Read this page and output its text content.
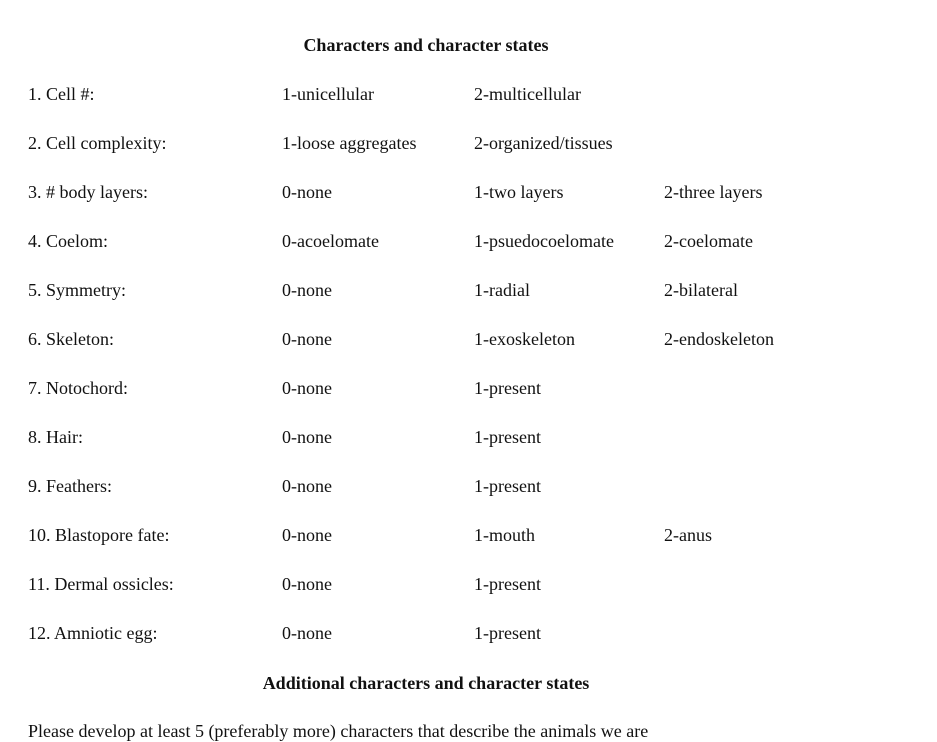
Characters and character states
1. Cell #:	1-unicellular	2-multicellular
2. Cell complexity:	1-loose aggregates	2-organized/tissues
3. # body layers:	0-none	1-two layers	2-three layers
4. Coelom:	0-acoelomate	1-psuedocoelomate	2-coelomate
5. Symmetry:	0-none	1-radial	2-bilateral
6. Skeleton:	0-none	1-exoskeleton	2-endoskeleton
7. Notochord:	0-none	1-present
8. Hair:	0-none	1-present
9. Feathers:	0-none	1-present
10. Blastopore fate:	0-none	1-mouth	2-anus
11. Dermal ossicles:	0-none	1-present
12. Amniotic egg:	0-none	1-present
Additional characters and character states
Please develop at least 5 (preferably more) characters that describe the animals we are
